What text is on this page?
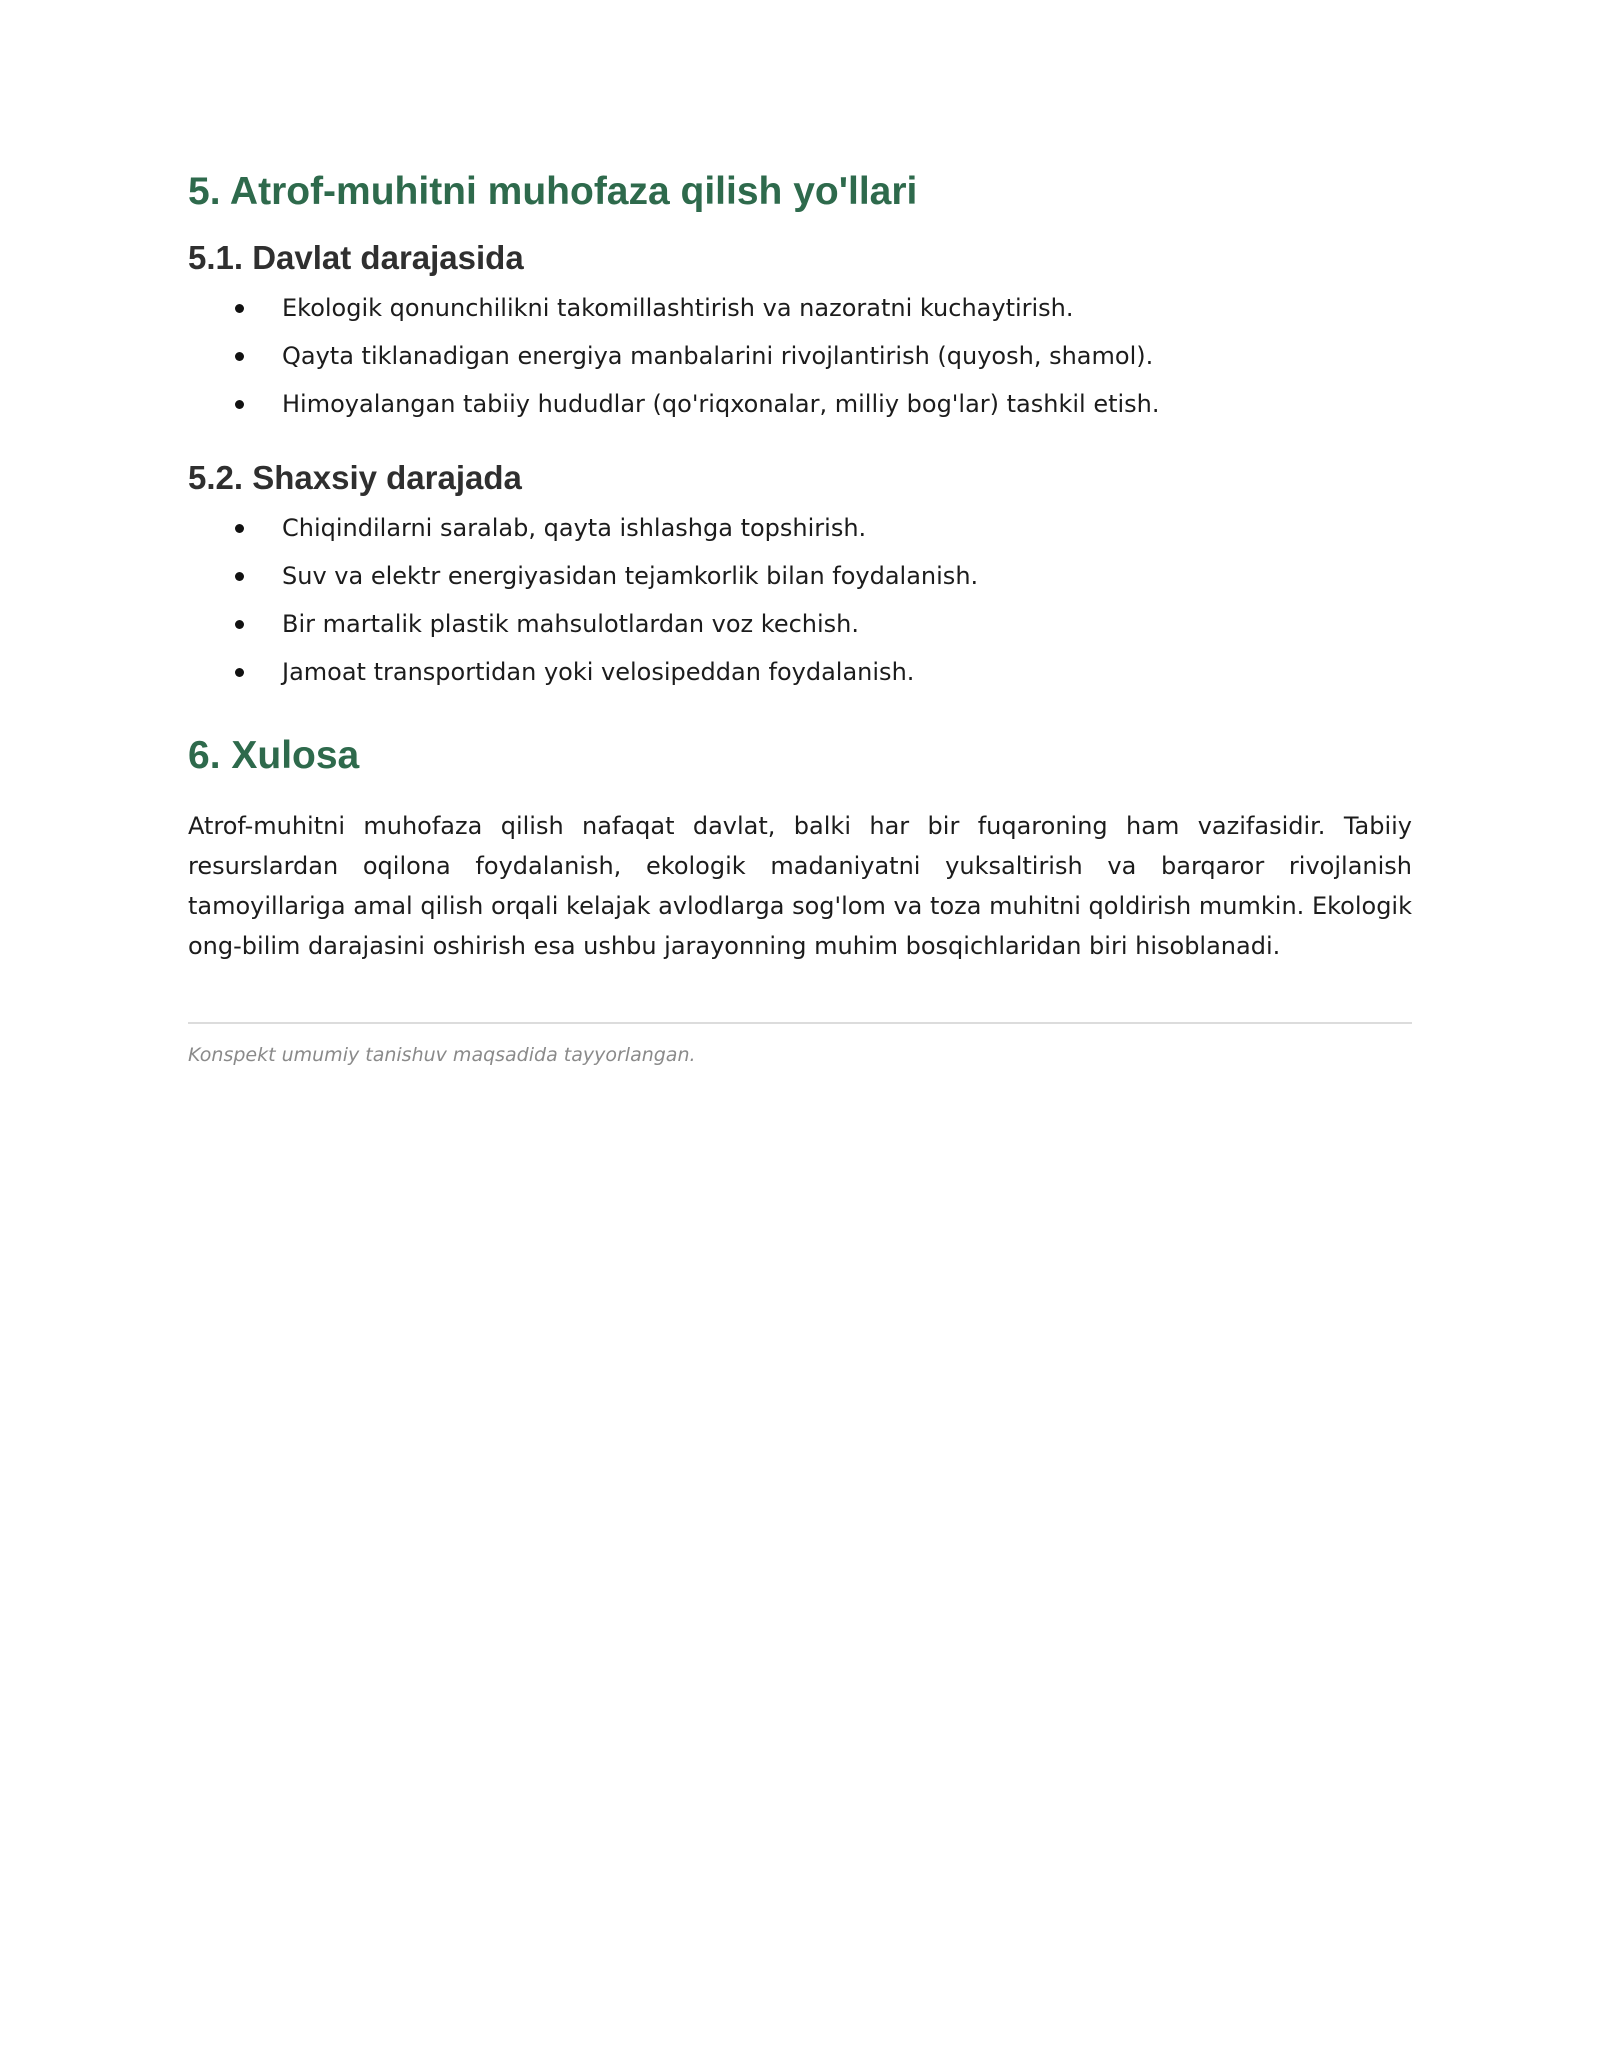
5. Atrof-muhitni muhofaza qilish yo'llari
5.1. Davlat darajasida
Ekologik qonunchilikni takomillashtirish va nazoratni kuchaytirish.
Qayta tiklanadigan energiya manbalarini rivojlantirish (quyosh, shamol).
Himoyalangan tabiiy hududlar (qo'riqxonalar, milliy bog'lar) tashkil etish.
5.2. Shaxsiy darajada
Chiqindilarni saralab, qayta ishlashga topshirish.
Suv va elektr energiyasidan tejamkorlik bilan foydalanish.
Bir martalik plastik mahsulotlardan voz kechish.
Jamoat transportidan yoki velosipeddan foydalanish.
6. Xulosa

Atrof-muhitni muhofaza qilish nafaqat davlat, balki har bir fuqaroning ham vazifasidir. Tabiiy resurslardan oqilona foydalanish, ekologik madaniyatni yuksaltirish va barqaror rivojlanish tamoyillariga amal qilish orqali kelajak avlodlarga sog'lom va toza muhitni qoldirish mumkin. Ekologik ong-bilim darajasini oshirish esa ushbu jarayonning muhim bosqichlaridan biri hisoblanadi.

Konspekt umumiy tanishuv maqsadida tayyorlangan.
